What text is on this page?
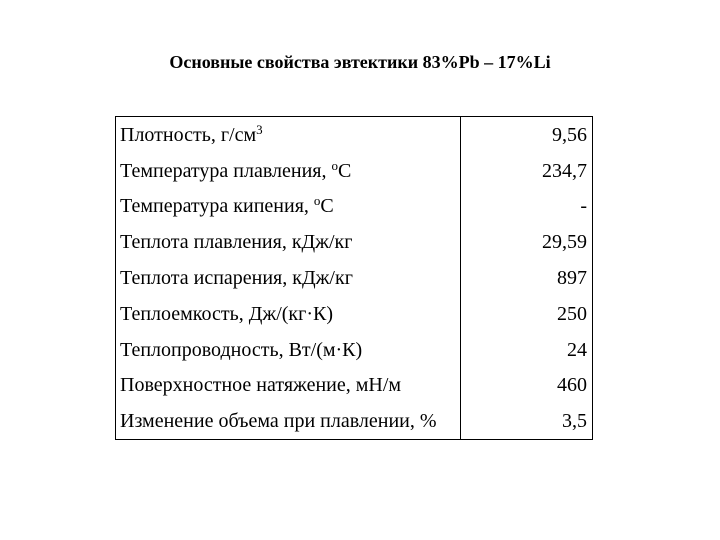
Основные свойства эвтектики 83%Pb – 17%Li
Плотность, $г/см^3$	9,56
Температура плавления, $^о$С	234,7
Температура кипения, $^о$С	-
Теплота плавления, кДж/кг	29,59
Теплота испарения, кДж/кг	897
Теплоемкость, Дж/(кг·К)	250
Теплопроводность, Вт/(м·К)	24
Поверхностное натяжение, мН/м	460
Изменение объема при плавлении, %	3,5
